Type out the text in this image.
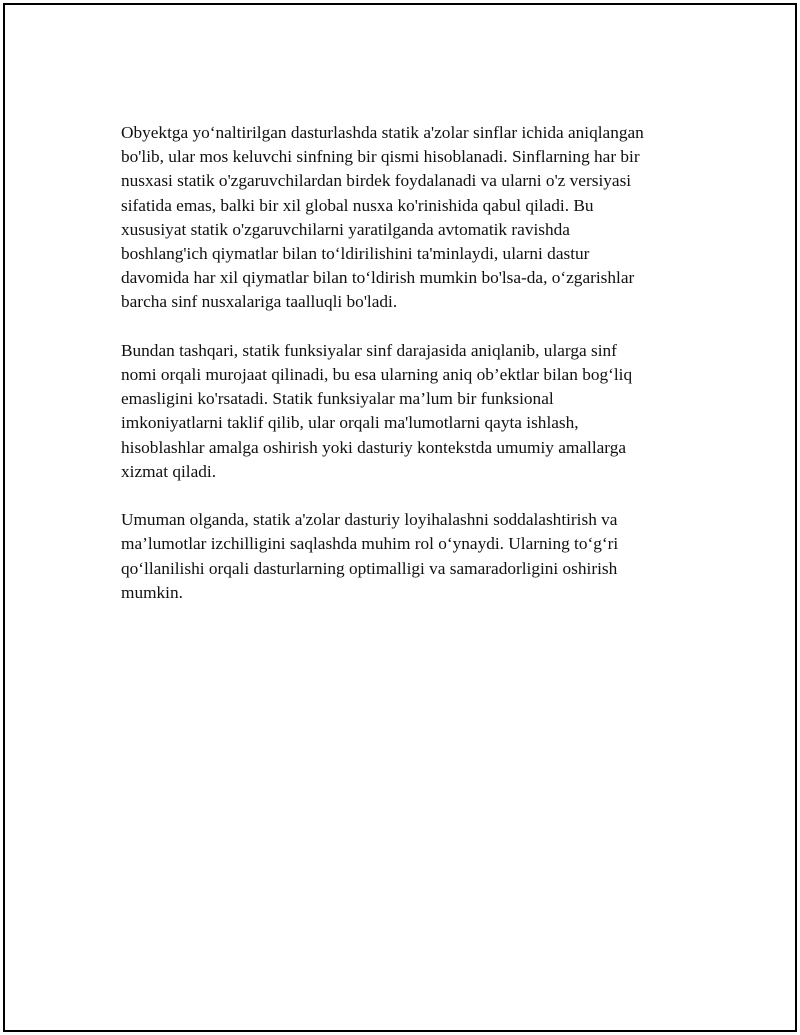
Obyektga yo‘naltirilgan dasturlashda statik a'zolar sinflar ichida aniqlangan
bo'lib, ular mos keluvchi sinfning bir qismi hisoblanadi. Sinflarning har bir
nusxasi statik o'zgaruvchilardan birdek foydalanadi va ularni o'z versiyasi
sifatida emas, balki bir xil global nusxa ko'rinishida qabul qiladi. Bu
xususiyat statik o'zgaruvchilarni yaratilganda avtomatik ravishda
boshlang'ich qiymatlar bilan to‘ldirilishini ta'minlaydi, ularni dastur
davomida har xil qiymatlar bilan to‘ldirish mumkin bo'lsa-da, o‘zgarishlar
barcha sinf nusxalariga taalluqli bo'ladi.

Bundan tashqari, statik funksiyalar sinf darajasida aniqlanib, ularga sinf
nomi orqali murojaat qilinadi, bu esa ularning aniq ob’ektlar bilan bog‘liq
emasligini ko'rsatadi. Statik funksiyalar ma’lum bir funksional
imkoniyatlarni taklif qilib, ular orqali ma'lumotlarni qayta ishlash,
hisoblashlar amalga oshirish yoki dasturiy kontekstda umumiy amallarga
xizmat qiladi.

Umuman olganda, statik a'zolar dasturiy loyihalashni soddalashtirish va
ma’lumotlar izchilligini saqlashda muhim rol o‘ynaydi. Ularning to‘g‘ri
qo‘llanilishi orqali dasturlarning optimalligi va samaradorligini oshirish
mumkin.
